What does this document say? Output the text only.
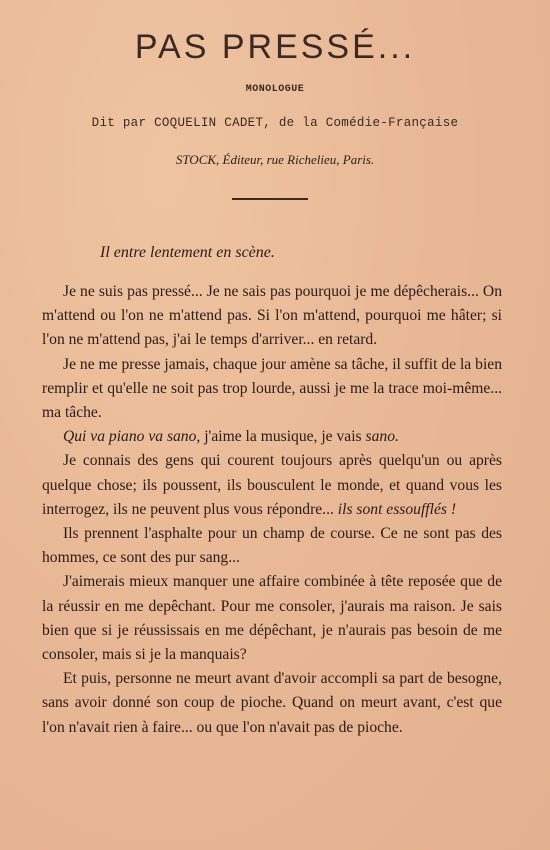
PAS PRESSÉ...
MONOLOGUE
Dit par COQUELIN CADET, de la Comédie-Française
STOCK, Éditeur, rue Richelieu, Paris.
Il entre lentement en scène.

Je ne suis pas pressé... Je ne sais pas pourquoi je me dépêcherais... On m'attend ou l'on ne m'attend pas. Si l'on m'attend, pourquoi me hâter; si l'on ne m'attend pas, j'ai le temps d'arriver... en retard.

Je ne me presse jamais, chaque jour amène sa tâche, il suffit de la bien remplir et qu'elle ne soit pas trop lourde, aussi je me la trace moi-même... ma tâche.

Qui va piano va sano, j'aime la musique, je vais sano.

Je connais des gens qui courent toujours après quelqu'un ou après quelque chose; ils poussent, ils bousculent le monde, et quand vous les interrogez, ils ne peuvent plus vous répondre... ils sont essoufflés !

Ils prennent l'asphalte pour un champ de course. Ce ne sont pas des hommes, ce sont des pur sang...

J'aimerais mieux manquer une affaire combinée à tête reposée que de la réussir en me depêchant. Pour me consoler, j'aurais ma raison. Je sais bien que si je réussissais en me dépêchant, je n'aurais pas besoin de me consoler, mais si je la manquais?

Et puis, personne ne meurt avant d'avoir accompli sa part de besogne, sans avoir donné son coup de pioche. Quand on meurt avant, c'est que l'on n'avait rien à faire... ou que l'on n'avait pas de pioche.
